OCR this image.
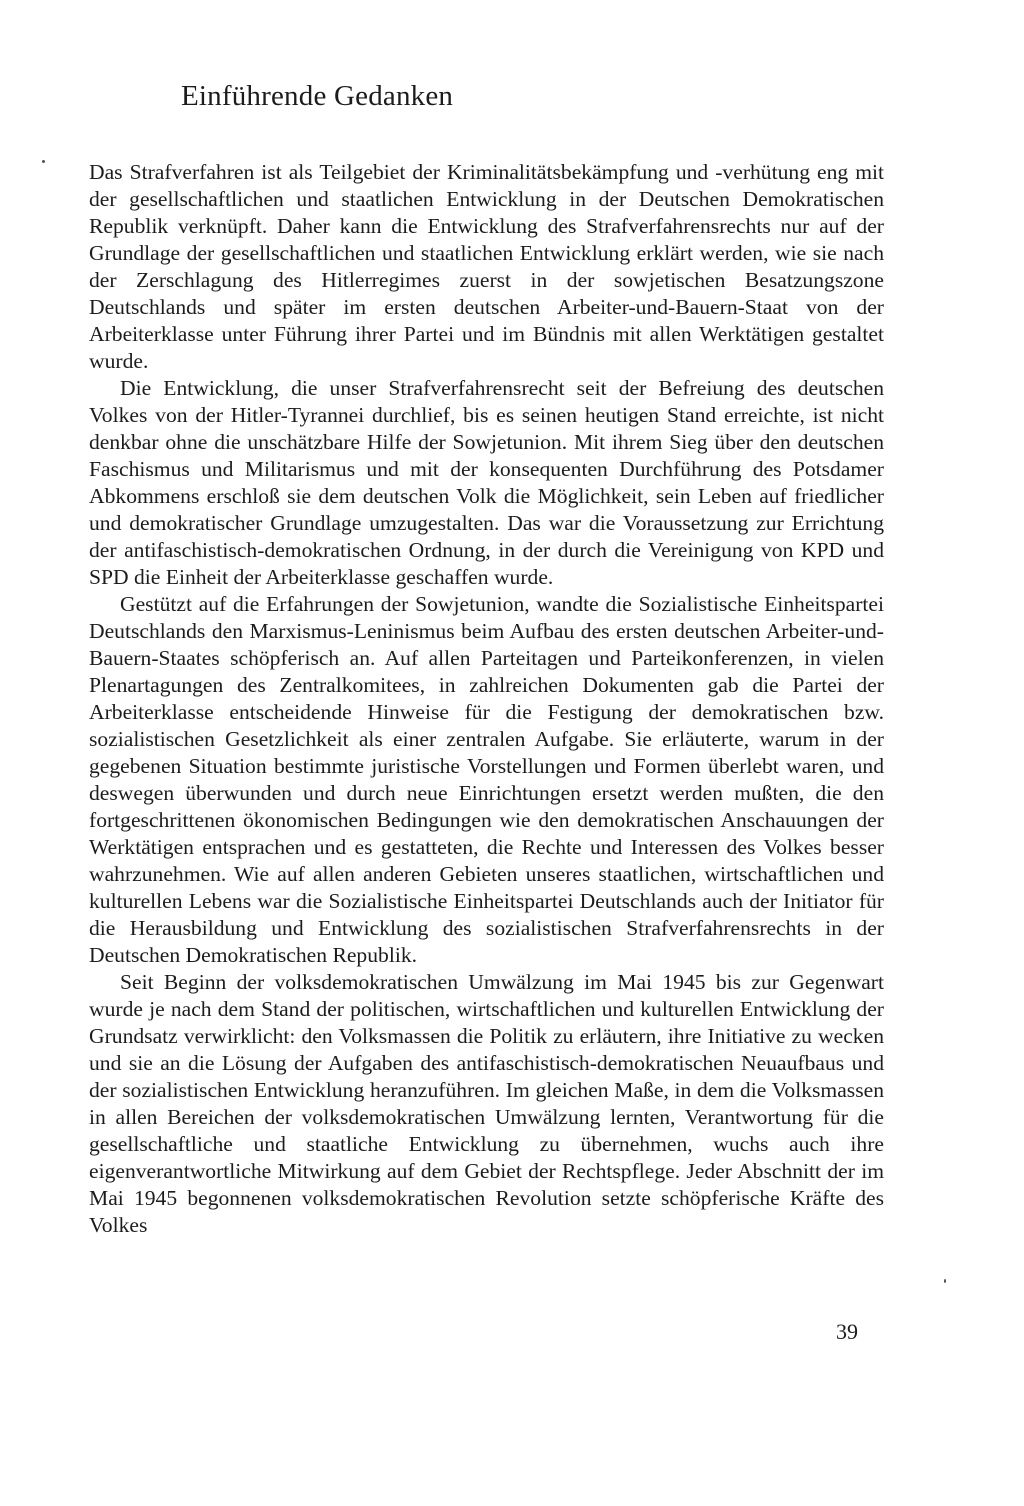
Einführende Gedanken

Das Strafverfahren ist als Teilgebiet der Kriminalitätsbekämpfung und -verhütung eng mit der gesellschaftlichen und staatlichen Entwicklung in der Deutschen Demokratischen Republik verknüpft. Daher kann die Entwicklung des Strafverfahrensrechts nur auf der Grundlage der gesellschaftlichen und staatlichen Entwicklung erklärt werden, wie sie nach der Zerschlagung des Hitlerregimes zuerst in der sowjetischen Besatzungszone Deutschlands und später im ersten deutschen Arbeiter-und-Bauern-Staat von der Arbeiterklasse unter Führung ihrer Partei und im Bündnis mit allen Werktätigen gestaltet wurde.

Die Entwicklung, die unser Strafverfahrensrecht seit der Befreiung des deutschen Volkes von der Hitler-Tyrannei durchlief, bis es seinen heutigen Stand erreichte, ist nicht denkbar ohne die unschätzbare Hilfe der Sowjetunion. Mit ihrem Sieg über den deutschen Faschismus und Militarismus und mit der konsequenten Durchführung des Potsdamer Abkommens erschloß sie dem deutschen Volk die Möglichkeit, sein Leben auf friedlicher und demokratischer Grundlage umzugestalten. Das war die Voraussetzung zur Errichtung der antifaschistisch-demokratischen Ordnung, in der durch die Vereinigung von KPD und SPD die Einheit der Arbeiterklasse geschaffen wurde.

Gestützt auf die Erfahrungen der Sowjetunion, wandte die Sozialistische Einheitspartei Deutschlands den Marxismus-Leninismus beim Aufbau des ersten deutschen Arbeiter-und-Bauern-Staates schöpferisch an. Auf allen Parteitagen und Parteikonferenzen, in vielen Plenartagungen des Zentralkomitees, in zahlreichen Dokumenten gab die Partei der Arbeiterklasse entscheidende Hinweise für die Festigung der demokratischen bzw. sozialistischen Gesetzlichkeit als einer zentralen Aufgabe. Sie erläuterte, warum in der gegebenen Situation bestimmte juristische Vorstellungen und Formen überlebt waren, und deswegen überwunden und durch neue Einrichtungen ersetzt werden mußten, die den fortgeschrittenen ökonomischen Bedingungen wie den demokratischen Anschauungen der Werktätigen entsprachen und es gestatteten, die Rechte und Interessen des Volkes besser wahrzunehmen. Wie auf allen anderen Gebieten unseres staatlichen, wirtschaftlichen und kulturellen Lebens war die Sozialistische Einheitspartei Deutschlands auch der Initiator für die Herausbildung und Entwicklung des sozialistischen Strafverfahrensrechts in der Deutschen Demokratischen Republik.

Seit Beginn der volksdemokratischen Umwälzung im Mai 1945 bis zur Gegenwart wurde je nach dem Stand der politischen, wirtschaftlichen und kulturellen Entwicklung der Grundsatz verwirklicht: den Volksmassen die Politik zu erläutern, ihre Initiative zu wecken und sie an die Lösung der Aufgaben des antifaschistisch-demokratischen Neuaufbaus und der sozialistischen Entwicklung heranzuführen. Im gleichen Maße, in dem die Volksmassen in allen Bereichen der volksdemokratischen Umwälzung lernten, Verantwortung für die gesellschaftliche und staatliche Entwicklung zu übernehmen, wuchs auch ihre eigenverantwortliche Mitwirkung auf dem Gebiet der Rechtspflege. Jeder Abschnitt der im Mai 1945 begonnenen volksdemokratischen Revolution setzte schöpferische Kräfte des Volkes

39
